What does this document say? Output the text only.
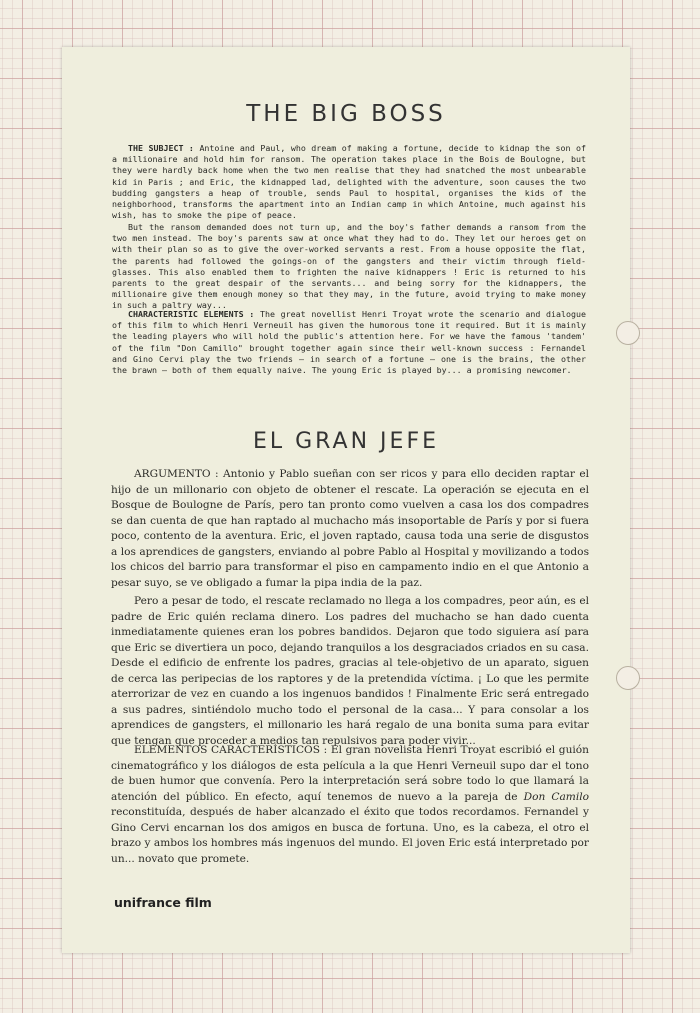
THE BIG BOSS

THE SUBJECT : Antoine and Paul, who dream of making a fortune, decide to kidnap the son of a millionaire and hold him for ransom. The operation takes place in the Bois de Boulogne, but they were hardly back home when the two men realise that they had snatched the most unbearable kid in Paris ; and Eric, the kidnapped lad, delighted with the adventure, soon causes the two budding gangsters a heap of trouble, sends Paul to hospital, organises the kids of the neighborhood, transforms the apartment into an Indian camp in which Antoine, much against his wish, has to smoke the pipe of peace.

But the ransom demanded does not turn up, and the boy's father demands a ransom from the two men instead. The boy's parents saw at once what they had to do. They let our heroes get on with their plan so as to give the over-worked servants a rest. From a house opposite the flat, the parents had followed the goings-on of the gangsters and their victim through field-glasses. This also enabled them to frighten the naive kidnappers ! Eric is returned to his parents to the great despair of the servants... and being sorry for the kidnappers, the millionaire give them enough money so that they may, in the future, avoid trying to make money in such a paltry way...

CHARACTERISTIC ELEMENTS : The great novellist Henri Troyat wrote the scenario and dialogue of this film to which Henri Verneuil has given the humorous tone it required. But it is mainly the leading players who will hold the public's attention here. For we have the famous 'tandem' of the film "Don Camillo" brought together again since their well-known success : Fernandel and Gino Cervi play the two friends — in search of a fortune — one is the brains, the other the brawn — both of them equally naive. The young Eric is played by... a promising newcomer.

EL GRAN JEFE

ARGUMENTO : Antonio y Pablo sueñan con ser ricos y para ello deciden raptar el hijo de un millonario con objeto de obtener el rescate. La operación se ejecuta en el Bosque de Boulogne de París, pero tan pronto como vuelven a casa los dos compadres se dan cuenta de que han raptado al muchacho más insoportable de París y por si fuera poco, contento de la aventura. Eric, el joven raptado, causa toda una serie de disgustos a los aprendices de gangsters, enviando al pobre Pablo al Hospital y movilizando a todos los chicos del barrio para transformar el piso en campamento indio en el que Antonio a pesar suyo, se ve obligado a fumar la pipa india de la paz.

Pero a pesar de todo, el rescate reclamado no llega a los compadres, peor aún, es el padre de Eric quién reclama dinero. Los padres del muchacho se han dado cuenta inmediatamente quienes eran los pobres bandidos. Dejaron que todo siguiera así para que Eric se divertiera un poco, dejando tranquilos a los desgraciados criados en su casa. Desde el edificio de enfrente los padres, gracias al tele-objetivo de un aparato, siguen de cerca las peripecias de los raptores y de la pretendida víctima. ¡ Lo que les permite aterrorizar de vez en cuando a los ingenuos bandidos ! Finalmente Eric será entregado a sus padres, sintiéndolo mucho todo el personal de la casa... Y para consolar a los aprendices de gangsters, el millonario les hará regalo de una bonita suma para evitar que tengan que proceder a medios tan repulsivos para poder vivir...

ELEMENTOS CARACTERÍSTICOS : El gran novelista Henri Troyat escribió el guión cinematográfico y los diálogos de esta película a la que Henri Verneuil supo dar el tono de buen humor que convenía. Pero la interpretación será sobre todo lo que llamará la atención del público. En efecto, aquí tenemos de nuevo a la pareja de Don Camilo reconstituída, después de haber alcanzado el éxito que todos recordamos. Fernandel y Gino Cervi encarnan los dos amigos en busca de fortuna. Uno, es la cabeza, el otro el brazo y ambos los hombres más ingenuos del mundo. El joven Eric está interpretado por un... novato que promete.

unifrance film
